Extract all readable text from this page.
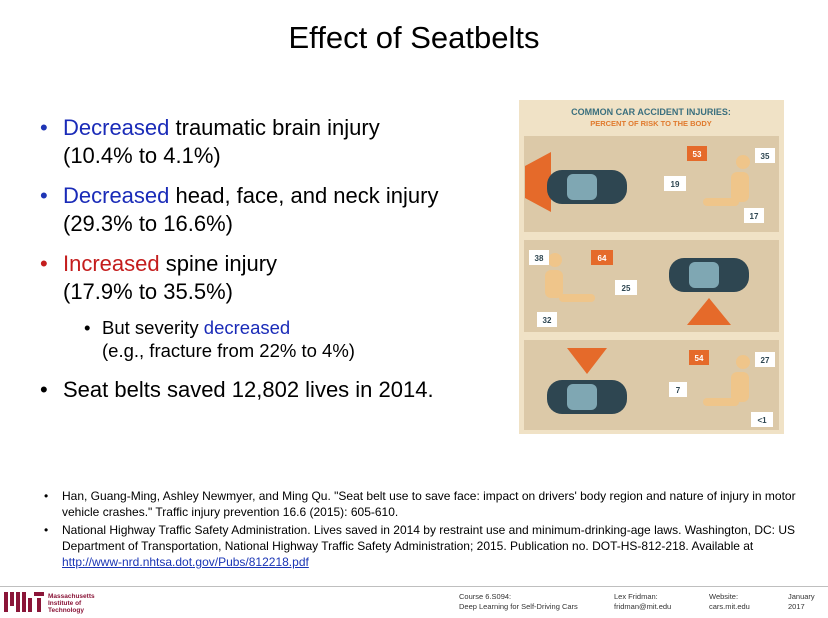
Effect of Seatbelts
• Decreased traumatic brain injury
(10.4% to 4.1%)
• Decreased head, face, and neck injury
(29.3% to 16.6%)
• Increased spine injury
(17.9% to 35.5%)
• But severity decreased
(e.g., fracture from 22% to 4%)
• Seat belts saved 12,802 lives in 2014.
COMMON CAR ACCIDENT INJURIES:
PERCENT OF RISK TO THE BODY
53	35
19
17
38	64
25
32
54	27
7
<1
• Han, Guang-Ming, Ashley Newmyer, and Ming Qu. "Seat belt use to save face: impact on drivers' body region and nature of injury in motor vehicle crashes." Traffic injury prevention 16.6 (2015): 605-610.
• National Highway Traffic Safety Administration. Lives saved in 2014 by restraint use and minimum-drinking-age laws. Washington, DC: US Department of Transportation, National Highway Traffic Safety Administration; 2015. Publication no. DOT-HS-812-218. Available at http://www-nrd.nhtsa.dot.gov/Pubs/812218.pdf
Massachusetts
Institute of
Technology
Course 6.S094:
Deep Learning for Self-Driving Cars
Lex Fridman:
fridman@mit.edu
Website:
cars.mit.edu
January
2017
